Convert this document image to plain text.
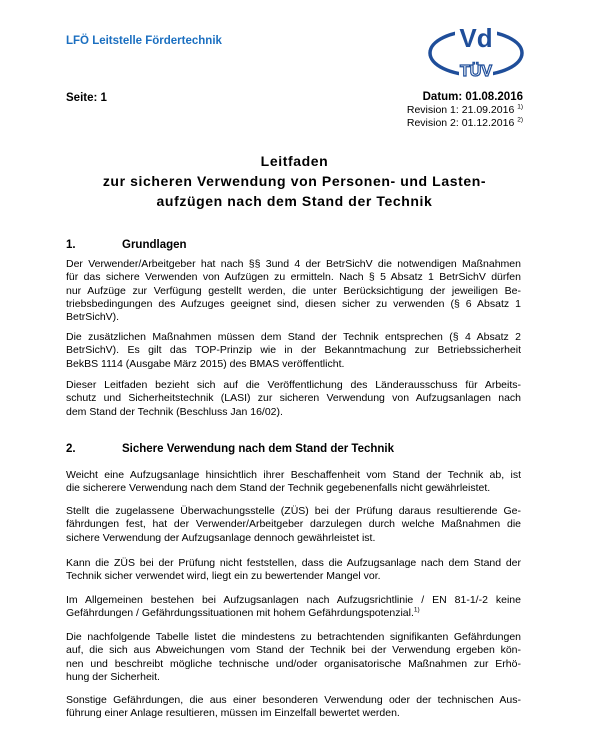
LFÖ Leitstelle Fördertechnik	Vd
TÜV
Seite: 1	Datum: 01.08.2016
Revision 1: 21.09.2016 $^{1)}$
Revision 2: 01.12.2016 $^{2)}$
Leitfaden
zur sicheren Verwendung von Personen- und Lasten-
aufzügen nach dem Stand der Technik
1.	Grundlagen

Der Verwender/Arbeitgeber hat nach §§ 3und 4 der BetrSichV die notwendigen Maßnahmen
für das sichere Verwenden von Aufzügen zu ermitteln. Nach § 5 Absatz 1 BetrSichV dürfen
nur Aufzüge zur Verfügung gestellt werden, die unter Berücksichtigung der jeweiligen Be-
triebsbedingungen des Aufzuges geeignet sind, diesen sicher zu verwenden (§ 6 Absatz 1
BetrSichV).

Die zusätzlichen Maßnahmen müssen dem Stand der Technik entsprechen (§ 4 Absatz 2
BetrSichV). Es gilt das TOP-Prinzip wie in der Bekanntmachung zur Betriebssicherheit
BekBS 1114 (Ausgabe März 2015) des BMAS veröffentlicht.

Dieser Leitfaden bezieht sich auf die Veröffentlichung des Länderausschuss für Arbeits-
schutz und Sicherheitstechnik (LASI) zur sicheren Verwendung von Aufzugsanlagen nach
dem Stand der Technik (Beschluss Jan 16/02).

2.	Sichere Verwendung nach dem Stand der Technik

Weicht eine Aufzugsanlage hinsichtlich ihrer Beschaffenheit vom Stand der Technik ab, ist
die sicherere Verwendung nach dem Stand der Technik gegebenenfalls nicht gewährleistet.

Stellt die zugelassene Überwachungsstelle (ZÜS) bei der Prüfung daraus resultierende Ge-
fährdungen fest, hat der Verwender/Arbeitgeber darzulegen durch welche Maßnahmen die
sichere Verwendung der Aufzugsanlage dennoch gewährleistet ist.

Kann die ZÜS bei der Prüfung nicht feststellen, dass die Aufzugsanlage nach dem Stand der
Technik sicher verwendet wird, liegt ein zu bewertender Mangel vor.

Im Allgemeinen bestehen bei Aufzugsanlagen nach Aufzugsrichtlinie / EN 81-1/-2 keine
Gefährdungen / Gefährdungssituationen mit hohem Gefährdungspotenzial.$^{1)}$

Die nachfolgende Tabelle listet die mindestens zu betrachtenden signifikanten Gefährdungen
auf, die sich aus Abweichungen vom Stand der Technik bei der Verwendung ergeben kön-
nen und beschreibt mögliche technische und/oder organisatorische Maßnahmen zur Erhö-
hung der Sicherheit.

Sonstige Gefährdungen, die aus einer besonderen Verwendung oder der technischen Aus-
führung einer Anlage resultieren, müssen im Einzelfall bewertet werden.
